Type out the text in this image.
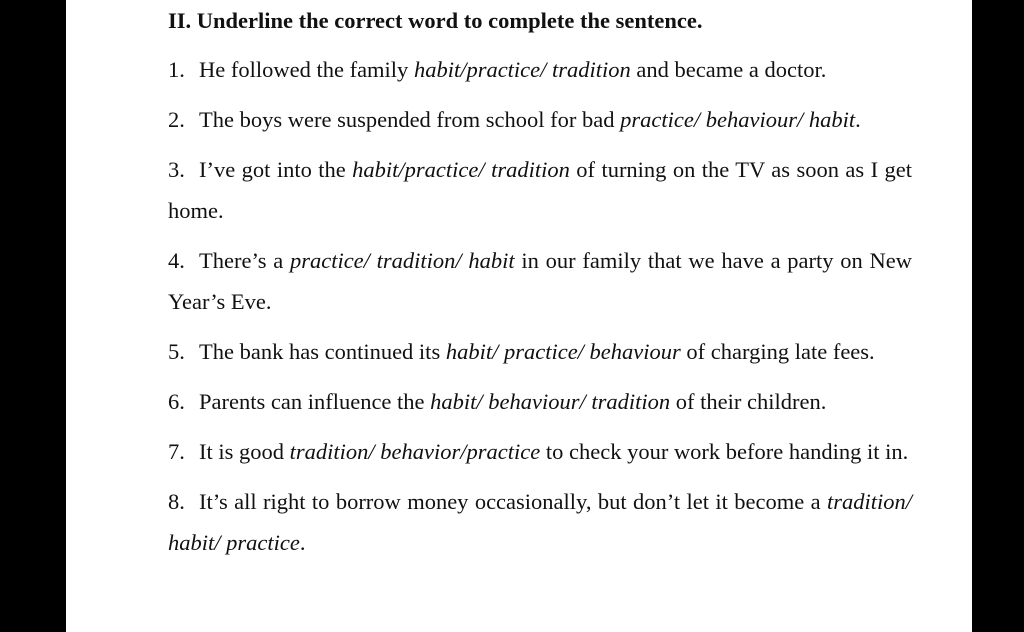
II. Underline the correct word to complete the sentence.
1. He followed the family habit/practice/ tradition and became a doctor.
2. The boys were suspended from school for bad practice/ behaviour/ habit.
3. I’ve got into the habit/practice/ tradition of turning on the TV as soon as I get home.
4. There’s a practice/ tradition/ habit in our family that we have a party on New Year’s Eve.
5. The bank has continued its habit/ practice/ behaviour of charging late fees.
6. Parents can influence the habit/ behaviour/ tradition of their children.
7. It is good tradition/ behavior/practice to check your work before handing it in.
8. It’s all right to borrow money occasionally, but don’t let it become a tradition/ habit/ practice.
